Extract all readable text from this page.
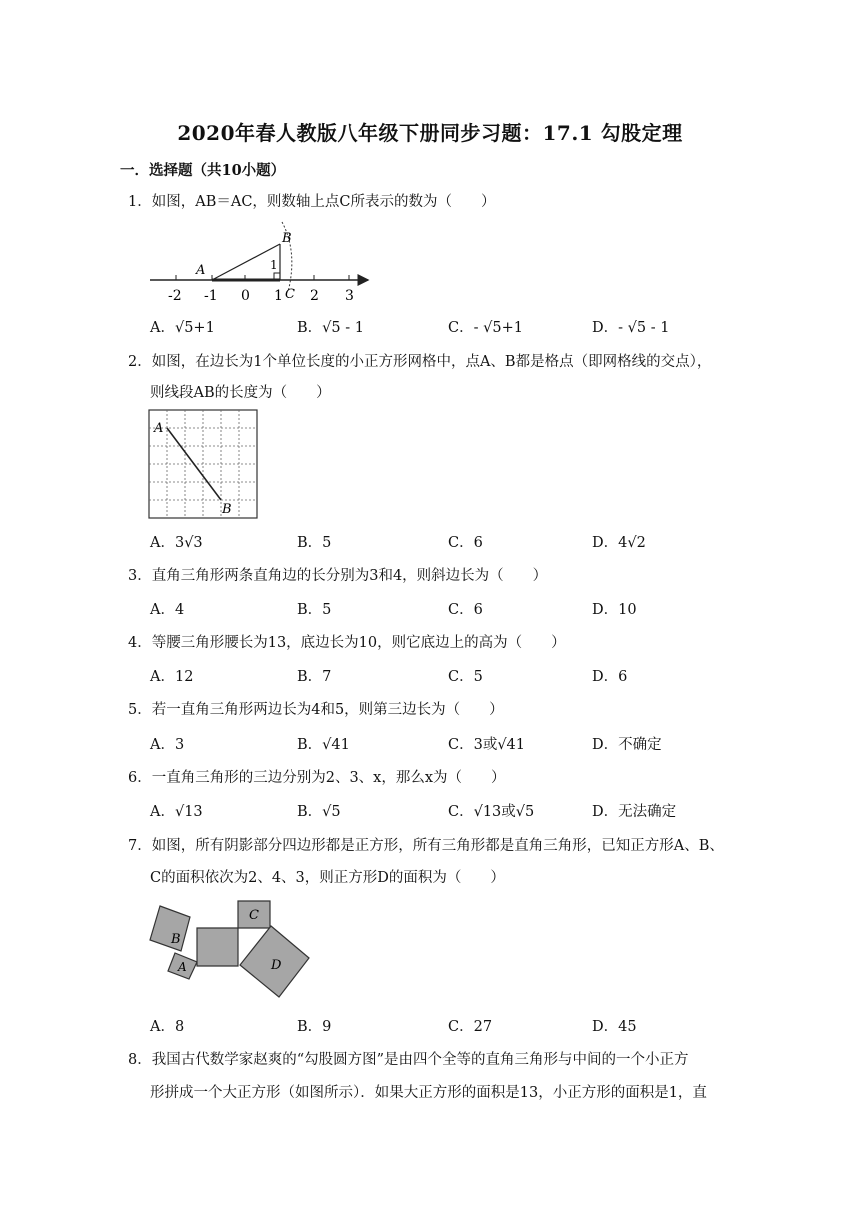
2020年春人教版八年级下册同步习题：17.1 勾股定理
一．选择题（共10小题）
1．如图，AB＝AC，则数轴上点C所表示的数为（　　）
A
B
C
1
-2 -1 0 1 2 3
A．√5+1	B．√5 - 1	C．- √5+1	D．- √5 - 1
2．如图，在边长为1个单位长度的小正方形网格中，点A、B都是格点（即网格线的交点），
则线段AB的长度为（　　）
A
B
A．3√3	B．5	C．6	D．4√2
3．直角三角形两条直角边的长分别为3和4，则斜边长为（　　）
A．4	B．5	C．6	D．10
4．等腰三角形腰长为13，底边长为10，则它底边上的高为（　　）
A．12	B．7	C．5	D．6
5．若一直角三角形两边长为4和5，则第三边长为（　　）
A．3	B．√41	C．3或√41	D．不确定
6．一直角三角形的三边分别为2、3、x，那么x为（　　）
A．√13	B．√5	C．√13或√5	D．无法确定
7．如图，所有阴影部分四边形都是正方形，所有三角形都是直角三角形，已知正方形A、B、
C的面积依次为2、4、3，则正方形D的面积为（　　）
B
A
C
D
A．8	B．9	C．27	D．45
8．我国古代数学家赵爽的“勾股圆方图”是由四个全等的直角三角形与中间的一个小正方
形拼成一个大正方形（如图所示）．如果大正方形的面积是13，小正方形的面积是1，直
